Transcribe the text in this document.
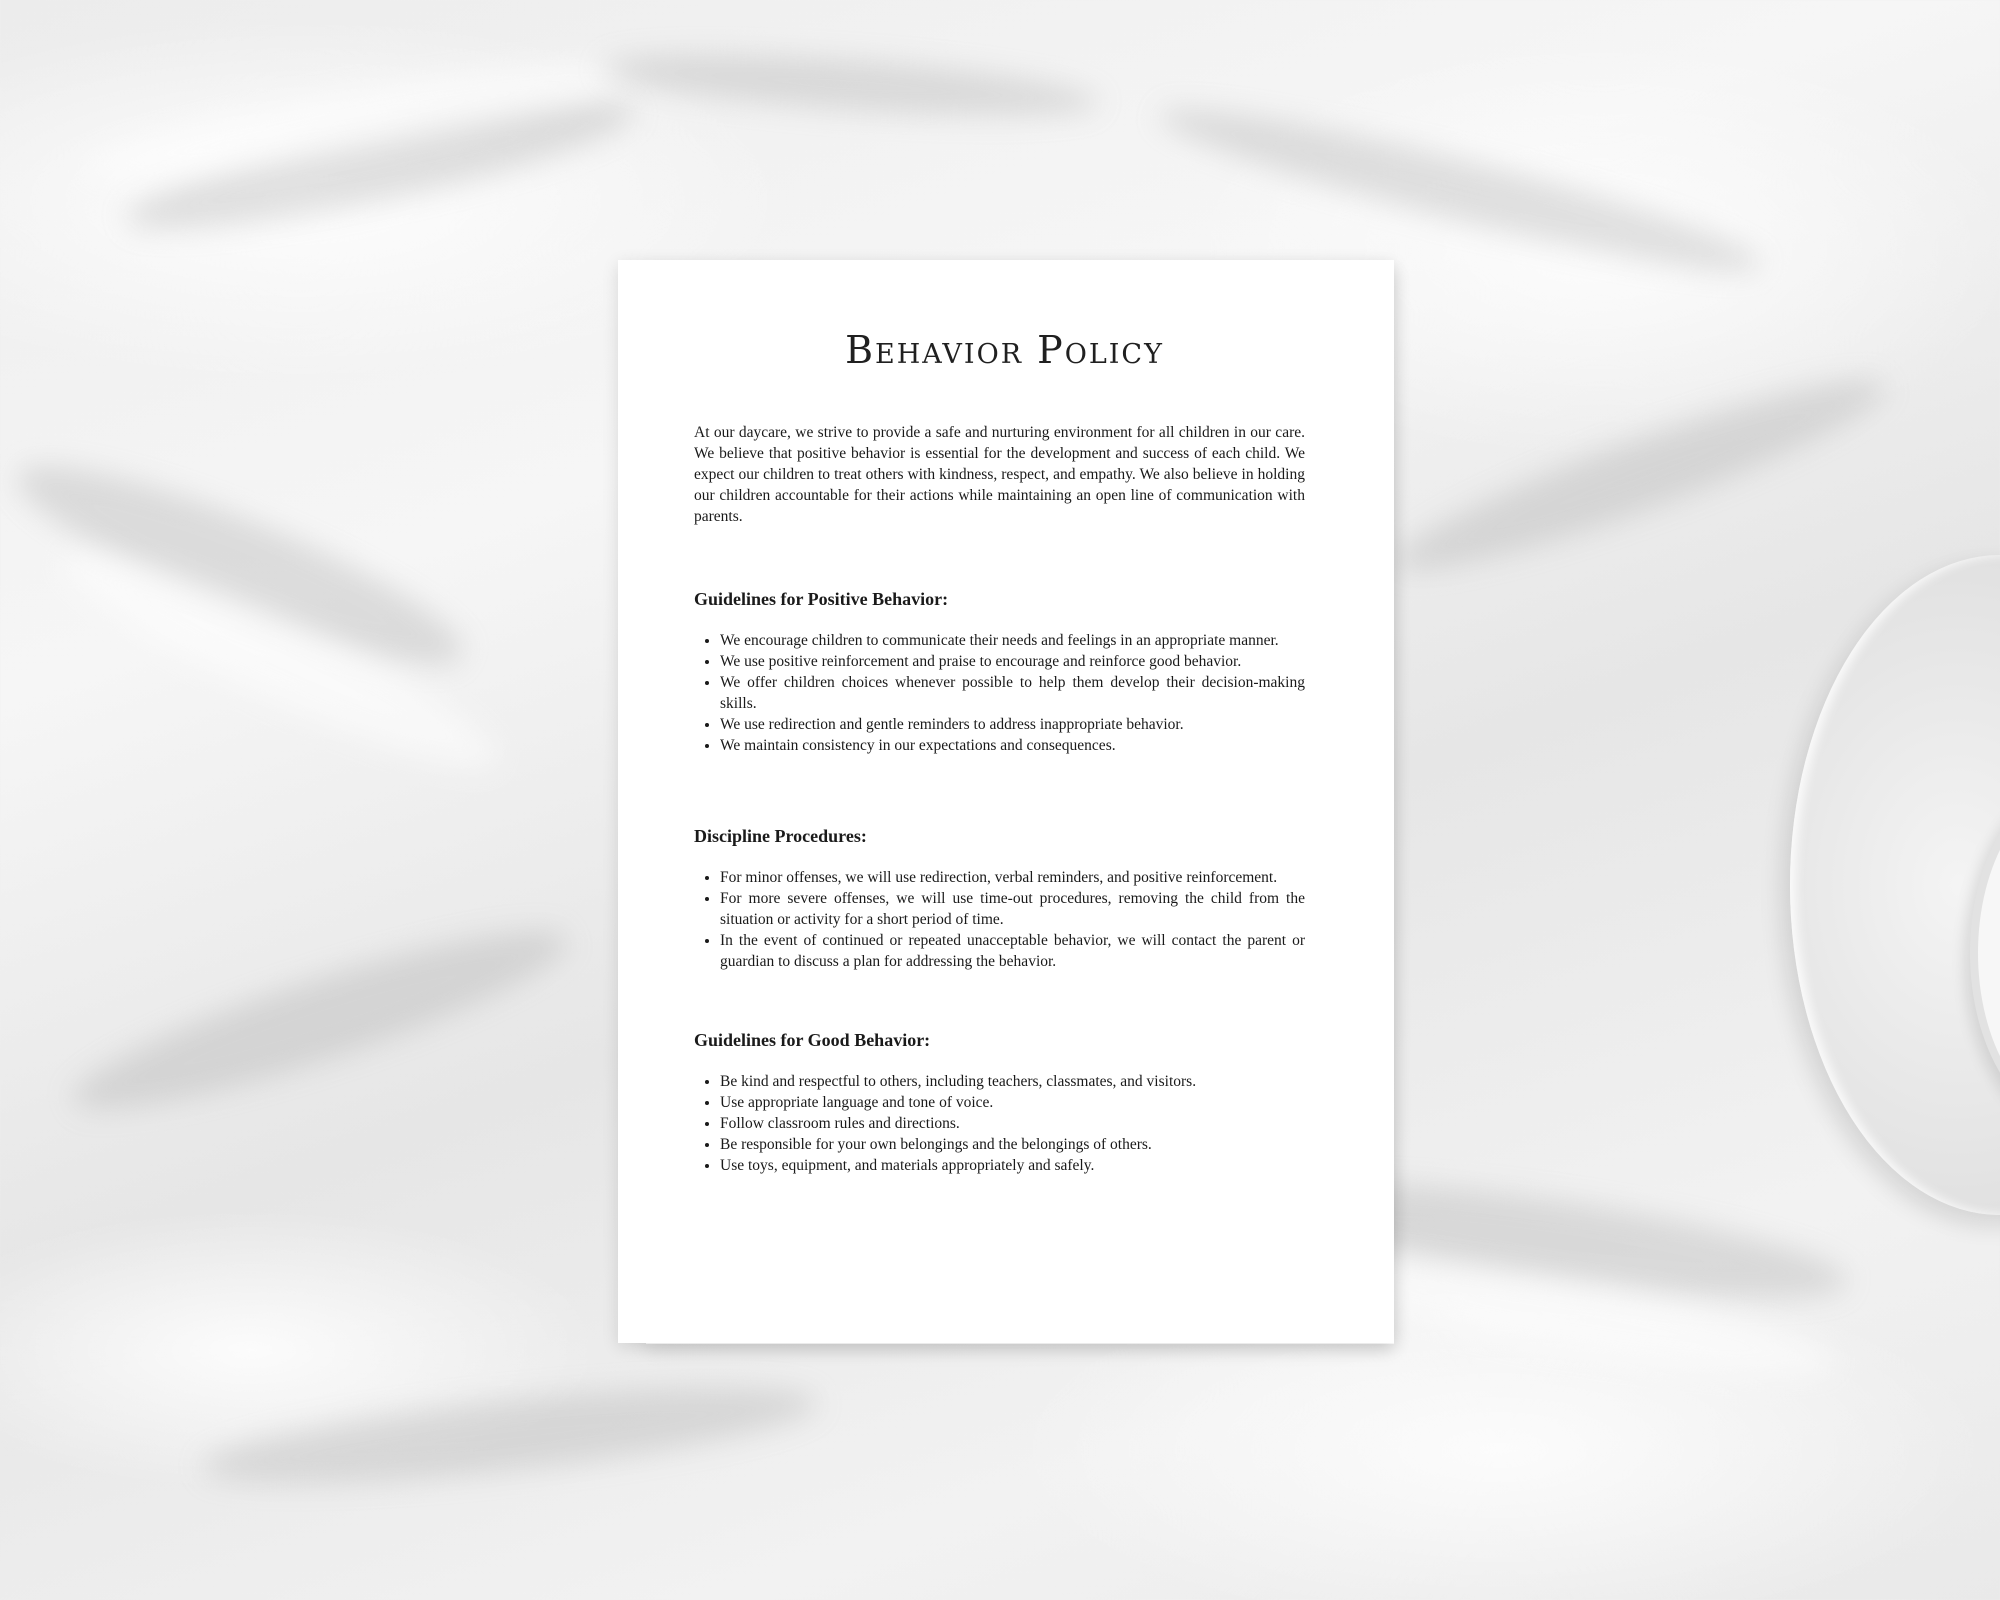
Behavior Policy

At our daycare, we strive to provide a safe and nurturing environment for all children in our care. We believe that positive behavior is essential for the development and success of each child. We expect our children to treat others with kindness, respect, and empathy. We also believe in holding our children accountable for their actions while maintaining an open line of communication with parents.

Guidelines for Positive Behavior:
• We encourage children to communicate their needs and feelings in an appropriate manner.
• We use positive reinforcement and praise to encourage and reinforce good behavior.
• We offer children choices whenever possible to help them develop their decision-making skills.
• We use redirection and gentle reminders to address inappropriate behavior.
• We maintain consistency in our expectations and consequences.
Discipline Procedures:
• For minor offenses, we will use redirection, verbal reminders, and positive reinforcement.
• For more severe offenses, we will use time-out procedures, removing the child from the situation or activity for a short period of time.
• In the event of continued or repeated unacceptable behavior, we will contact the parent or guardian to discuss a plan for addressing the behavior.
Guidelines for Good Behavior:
• Be kind and respectful to others, including teachers, classmates, and visitors.
• Use appropriate language and tone of voice.
• Follow classroom rules and directions.
• Be responsible for your own belongings and the belongings of others.
• Use toys, equipment, and materials appropriately and safely.
